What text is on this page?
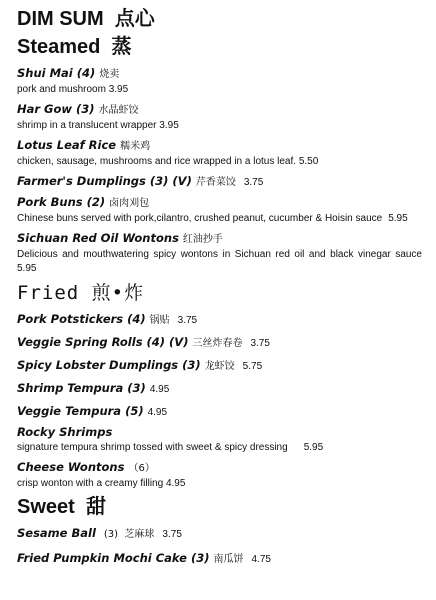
DIM SUM 点心
Steamed 蒸
Shui Mai (4) 烧卖
pork and mushroom 3.95
Har Gow (3) 水晶虾饺
shrimp in a translucent wrapper 3.95
Lotus Leaf Rice 糯米鸡
chicken, sausage, mushrooms and rice wrapped in a lotus leaf. 5.50
Farmer's Dumplings (3) (V) 芹香菜饺 3.75
Pork Buns (2) 卤肉刈包
Chinese buns served with pork,cilantro, crushed peanut, cucumber & Hoisin sauce 5.95
Sichuan Red Oil Wontons 红油抄手
Delicious and mouthwatering spicy wontons in Sichuan red oil and black vinegar sauce 5.95
Fried 煎•炸
Pork Potstickers (4) 锅贴 3.75
Veggie Spring Rolls (4) (V) 三丝炸春卷 3.75
Spicy Lobster Dumplings (3) 龙虾饺 5.75
Shrimp Tempura (3) 4.95
Veggie Tempura (5) 4.95
Rocky Shrimps
signature tempura shrimp tossed with sweet & spicy dressing 5.95
Cheese Wontons （6）
crisp wonton with a creamy filling 4.95
Sweet 甜
Sesame Ball (3)  芝麻球 3.75
Fried Pumpkin Mochi Cake (3) 南瓜饼 4.75
